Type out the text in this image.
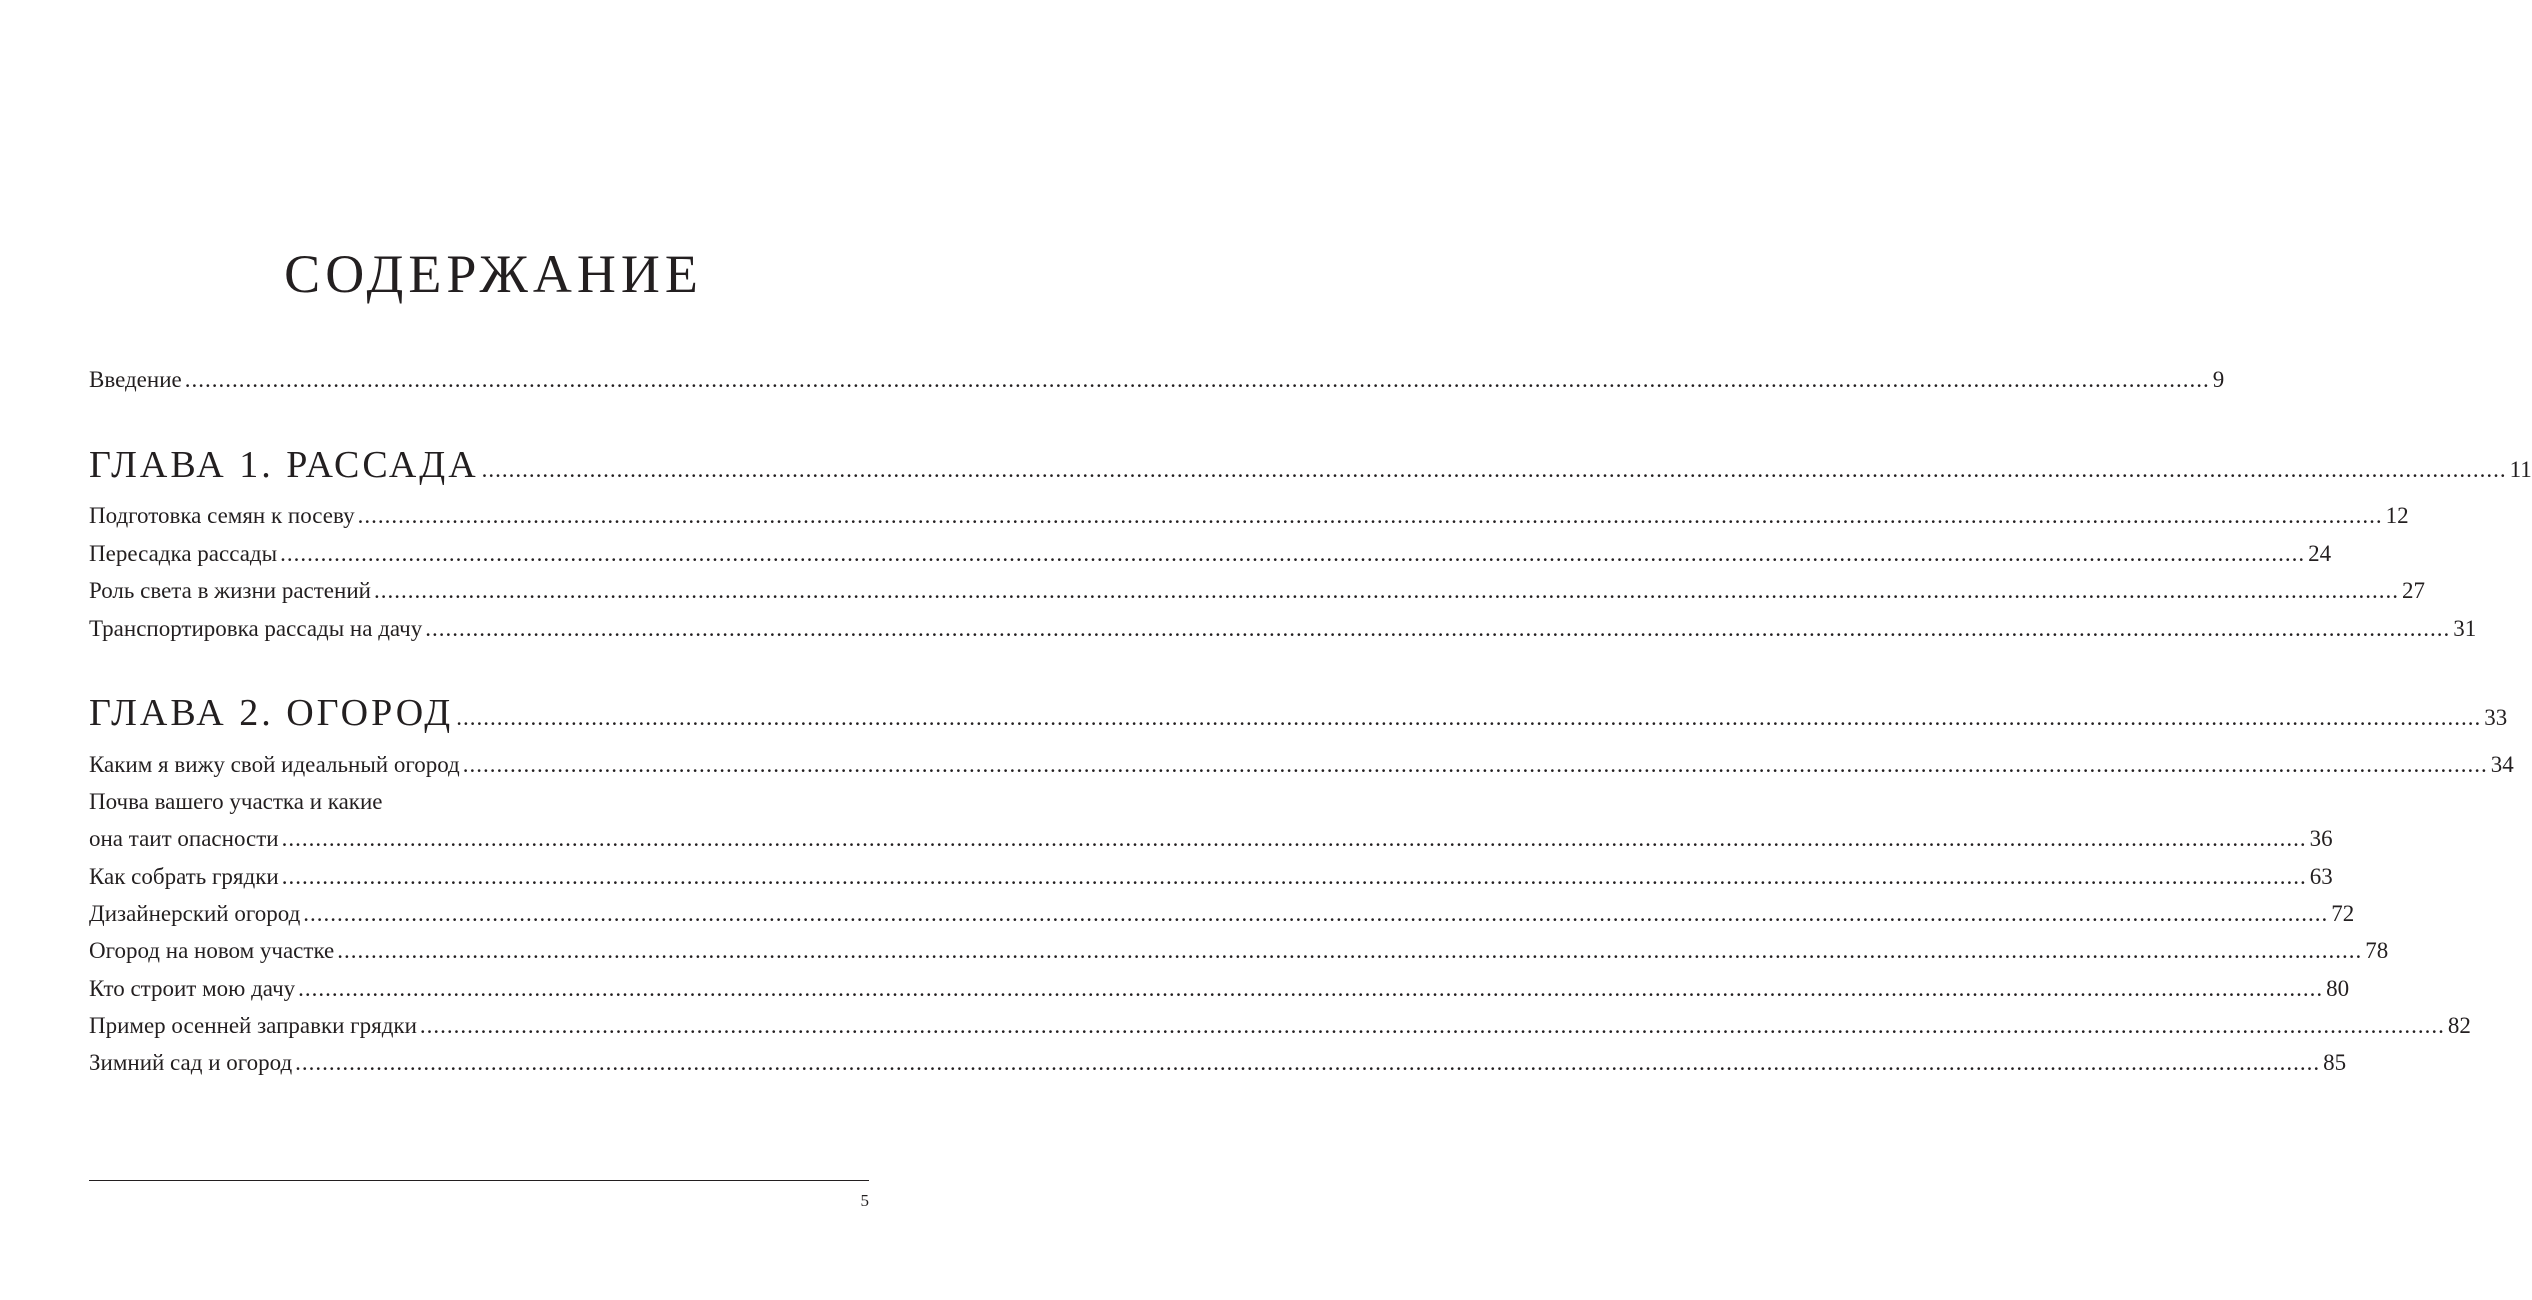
СОДЕРЖАНИЕ
Введение ............................................................................................................................................................................................................................................................................................................ 9
ГЛАВА 1. РАССАДА ............................................................................................................................................................................................................................................................................................................ 11
Подготовка семян к посеву ............................................................................................................................................................................................................................................................................................................ 12
Пересадка рассады ............................................................................................................................................................................................................................................................................................................ 24
Роль света в жизни растений ............................................................................................................................................................................................................................................................................................................ 27
Транспортировка рассады на дачу ............................................................................................................................................................................................................................................................................................................ 31
ГЛАВА 2. ОГОРОД ............................................................................................................................................................................................................................................................................................................ 33
Каким я вижу свой идеальный огород ............................................................................................................................................................................................................................................................................................................ 34
Почва вашего участка и какие
она таит опасности ............................................................................................................................................................................................................................................................................................................ 36
Как собрать грядки ............................................................................................................................................................................................................................................................................................................ 63
Дизайнерский огород ............................................................................................................................................................................................................................................................................................................ 72
Огород на новом участке ............................................................................................................................................................................................................................................................................................................ 78
Кто строит мою дачу ............................................................................................................................................................................................................................................................................................................ 80
Пример осенней заправки грядки ............................................................................................................................................................................................................................................................................................................ 82
Зимний сад и огород ............................................................................................................................................................................................................................................................................................................ 85
5
